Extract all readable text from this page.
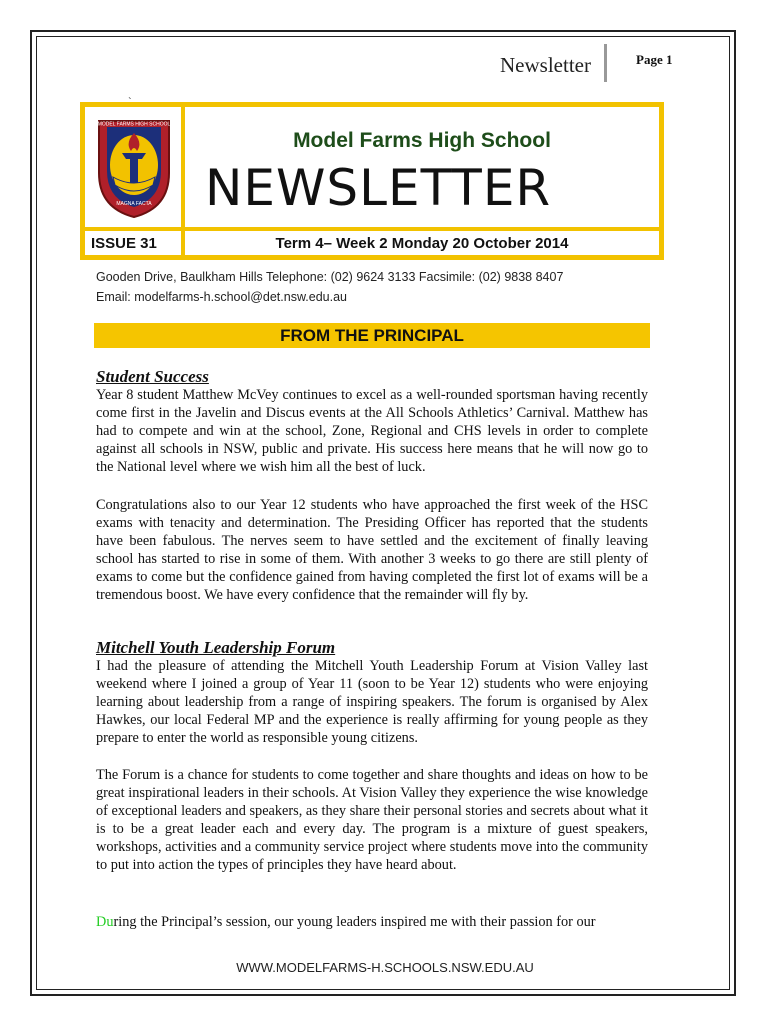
Newsletter	Page 1
`
MODEL FARMS HIGH SCHOOL
MAGNA FACTA
Model Farms High School
NEWSLETTER
ISSUE 31	Term 4– Week 2 Monday 20 October 2014
Gooden Drive, Baulkham Hills Telephone: (02) 9624 3133 Facsimile: (02) 9838 8407
Email: modelfarms-h.school@det.nsw.edu.au
FROM THE PRINCIPAL
Student Success
Year 8 student Matthew McVey continues to excel as a well-rounded sportsman having recently come first in the Javelin and Discus events at the All Schools Athletics’ Carnival. Matthew has had to compete and win at the school, Zone, Regional and CHS levels in order to complete against all schools in NSW, public and private. His success here means that he will now go to the National level where we wish him all the best of luck.
Congratulations also to our Year 12 students who have approached the first week of the HSC exams with tenacity and determination. The Presiding Officer has reported that the students have been fabulous. The nerves seem to have settled and the excitement of finally leaving school has started to rise in some of them. With another 3 weeks to go there are still plenty of exams to come but the confidence gained from having completed the first lot of exams will be a tremendous boost. We have every confidence that the remainder will fly by.
Mitchell Youth Leadership Forum
I had the pleasure of attending the Mitchell Youth Leadership Forum at Vision Valley last weekend where I joined a group of Year 11 (soon to be Year 12) students who were enjoying learning about leadership from a range of inspiring speakers. The forum is organised by Alex Hawkes, our local Federal MP and the experience is really affirming for young people as they prepare to enter the world as responsible young citizens.
The Forum is a chance for students to come together and share thoughts and ideas on how to be great inspirational leaders in their schools. At Vision Valley they experience the wise knowledge of exceptional leaders and speakers, as they share their personal stories and secrets about what it is to be a great leader each and every day. The program is a mixture of guest speakers, workshops, activities and a community service project where students move into the community to put into action the types of principles they have heard about.
During the Principal’s session, our young leaders inspired me with their passion for our
WWW.MODELFARMS-H.SCHOOLS.NSW.EDU.AU
